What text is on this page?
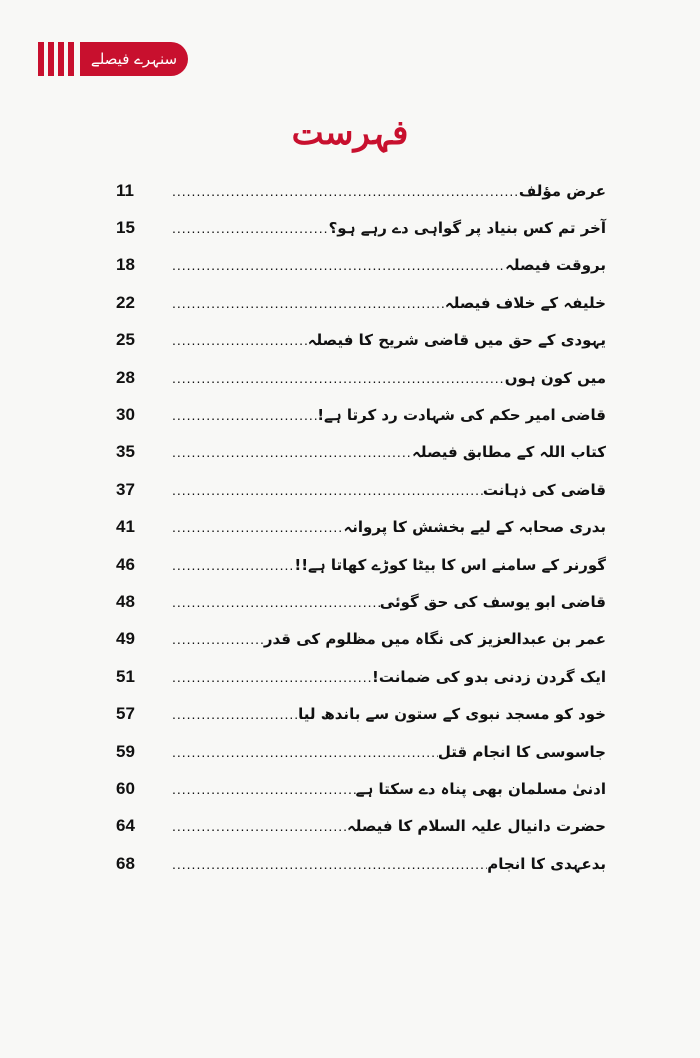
سنہرے فیصلے
فہرست
11 .....	عرض مؤلف
15 .....	آخر تم کس بنیاد پر گواہی دے رہے ہو؟
18 .....	بروقت فیصلہ
22 .....	خلیفہ کے خلاف فیصلہ
25 .....	یہودی کے حق میں قاضی شریح کا فیصلہ
28 .....	میں کون ہوں
30 .....	قاضی امیر حکم کی شہادت رد کرتا ہے!
35 .....	کتاب اللہ کے مطابق فیصلہ
37 .....	قاضی کی ذہانت
41 .....	بدری صحابہ کے لیے بخشش کا پروانہ
46 .....	گورنر کے سامنے اس کا بیٹا کوڑے کھاتا ہے!!
48 .....	قاضی ابو یوسف کی حق گوئی
49 .....	عمر بن عبدالعزیز کی نگاہ میں مظلوم کی قدر
51 .....	ایک گردن زدنی بدو کی ضمانت!
57 .....	خود کو مسجد نبوی کے ستون سے باندھ لیا
59 .....	جاسوسی کا انجام قتل
60 .....	ادنیٰ مسلمان بھی پناہ دے سکتا ہے
64 .....	حضرت دانیال علیہ السلام کا فیصلہ
68 .....	بدعہدی کا انجام
